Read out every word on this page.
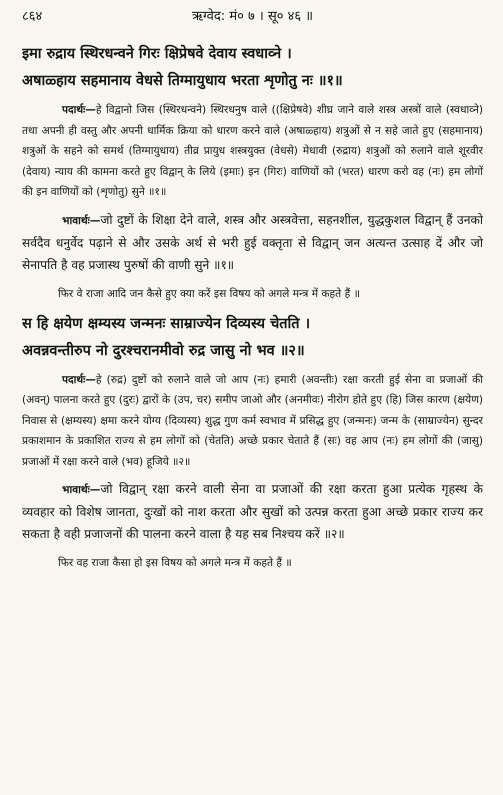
८६४	ऋग्वेद: मं० ७ । सू० ४६ ॥
इमा रुद्राय स्थिरधन्वने गिरः क्षिप्रेषवे देवाय स्वधाव्ने ।
अषाळ्हाय सहमानाय वेधसे तिग्मायुधाय भरता शृणोतु नः ॥१॥

पदार्थः—हे विद्वानो जिस (स्थिरधन्वने) स्थिरधनुष वाले ((क्षिप्रेषवे) शीघ्र जाने वाले शस्त्र अस्त्रों वाले (स्वधाव्ने) तथा अपनी ही वस्तु और अपनी धार्मिक क्रिया को धारण करने वाले (अषाळ्हाय) शत्रुओं से न सहे जाते हुए (सहमानाय) शत्रुओं के सहने को समर्थ (तिग्मायुधाय) तीव्र प्रायुध शस्त्रयुक्त (वेधसे) मेधावी (रुद्राय) शत्रुओं को रुलाने वाले शूरवीर (देवाय) न्याय की कामना करते हुए विद्वान् के लिये (इमाः) इन (गिरः) वाणियों को (भरत) धारण करो वह (नः) हम लोगों की इन वाणियों को (शृणोतु) सुने ॥१॥

भावार्थः—जो दुष्टों के शिक्षा देने वाले, शस्त्र और अस्त्रवेत्ता, सहनशील, युद्धकुशल विद्वान् हैं उनको सर्वदैव धनुर्वेद पढ़ाने से और उसके अर्थ से भरी हुई वक्तृता से विद्वान् जन अत्यन्त उत्साह दें और जो सेनापति है वह प्रजास्थ पुरुषों की वाणी सुने ॥१॥

फिर वे राजा आदि जन कैसे हुए क्या करें इस विषय को अगले मन्त्र में कहते हैं ॥
स हि क्षयेण क्षम्यस्य जन्मनः साम्राज्येन दिव्यस्य चेतति ।
अवन्नवन्तीरुप नो दुरश्चरानमीवो रुद्र जासु नो भव ॥२॥

पदार्थः—हे (रुद्र) दुष्टों को रुलाने वाले जो आप (नः) हमारी (अवन्तीः) रक्षा करती हुई सेना वा प्रजाओं की (अवन्) पालना करते हुए (दुरः) द्वारों के (उप, चर) समीप जाओ और (अनमीवः) नीरोग होते हुए (हि) जिस कारण (क्षयेण) निवास से (क्षम्यस्य) क्षमा करने योग्य (दिव्यस्य) शुद्ध गुण कर्म स्वभाव में प्रसिद्ध हुए (जन्मनः) जन्म के (साम्राज्येन) सुन्दर प्रकाशमान के प्रकाशित राज्य से हम लोगों को (चेतति) अच्छे प्रकार चेताते हैं (सः) वह आप (नः) हम लोगों की (जासु) प्रजाओं में रक्षा करने वाले (भव) हूजिये ॥२॥

भावार्थः—जो विद्वान् रक्षा करने वाली सेना वा प्रजाओं की रक्षा करता हुआ प्रत्येक गृहस्थ के व्यवहार को विशेष जानता, दुःखों को नाश करता और सुखों को उत्पन्न करता हुआ अच्छे प्रकार राज्य कर सकता है वही प्रजाजनों की पालना करने वाला है यह सब निश्चय करें ॥२॥

फिर वह राजा कैसा हो इस विषय को अगले मन्त्र में कहते हैं ॥
